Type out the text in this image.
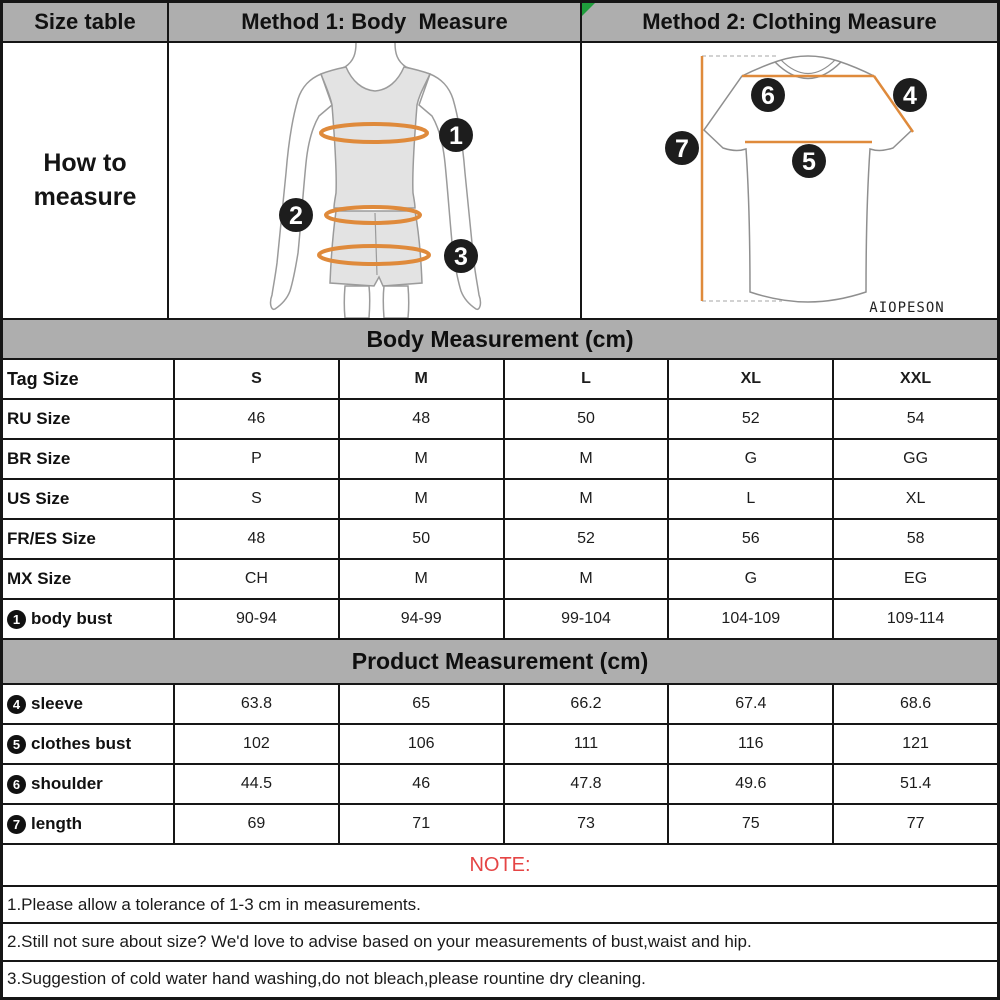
Size table	Method 1: Body  Measure	Method 2: Clothing Measure
How to
measure
1
2
3
6	4
7	5
AIOPESON
Body Measurement (cm)
Tag Size	S	M	L	XL	XXL
RU Size	46	48	50	52	54
BR Size	P	M	M	G	GG
US Size	S	M	M	L	XL
FR/ES Size	48	50	52	56	58
MX Size	CH	M	M	G	EG
1 body bust	90-94	94-99	99-104	104-109	109-114
Product Measurement (cm)
4 sleeve	63.8	65	66.2	67.4	68.6
5 clothes bust	102	106	111	116	121
6 shoulder	44.5	46	47.8	49.6	51.4
7 length	69	71	73	75	77
NOTE:
1.Please allow a tolerance of 1-3 cm in measurements.
2.Still not sure about size? We'd love to advise based on your measurements of bust,waist and hip.
3.Suggestion of cold water hand washing,do not bleach,please rountine dry cleaning.
